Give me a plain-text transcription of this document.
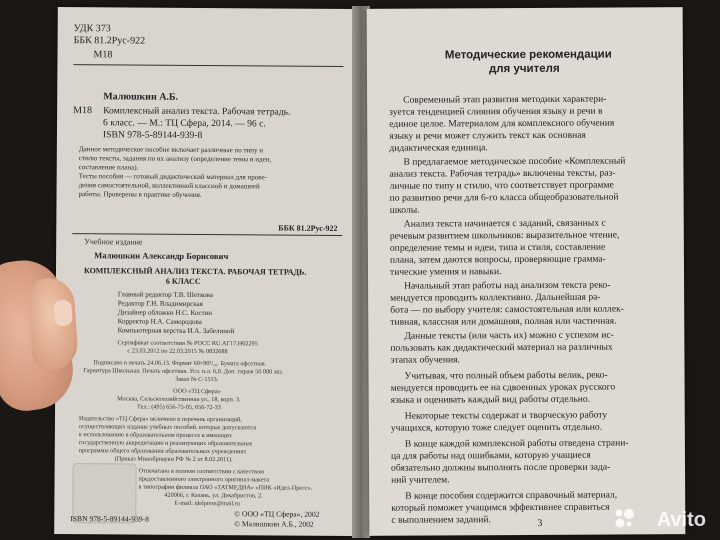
УДК 373
ББК 81.2Рус-922
М18
Малюшкин А.Б.
М18 Комплексный анализ текста. Рабочая тетрадь.
6 класс. — М.: ТЦ Сфера, 2014. — 96 с.
ISBN 978-5-89144-939-8
Данное методическое пособие включает различные по типу и
стилю тексты, задания по их анализу (определение темы и идеи,
составление плана).
Тесты пособия — готовый дидактический материал для прове-
дения самостоятельной, коллективной классной и домашней
работы. Проверены в практике обучения.
ББК 81.2Рус-922
Учебное издание
Малюшкин Александр Борисович
КОМПЛЕКСНЫЙ АНАЛИЗ ТЕКСТА. РАБОЧАЯ ТЕТРАДЬ.
6 КЛАСС
Главный редактор Т.В. Шеткова
Редактор Г.Н. Владимирская
Дизайнер обложки Н.С. Костин
Корректор Н.А. Самородова
Компьютерная верстка И.А. Забелиной
Сертификат соответствия № РОСС RU.АГ17.Н02295
с 23.03.2012 по 22.03.2015 № 0832688
Подписано в печать 24.06.13. Формат 60×90¹/₁₆. Бумага офсетная.
Гарнитура Школьная. Печать офсетная. Усл. п.л. 6,0. Доп. тираж 50 000 экз.
Заказ № С-1513.
ООО «ТЦ Сфера»
Москва, Сельскохозяйственная ул., 18, корп. 3.
Тел.: (495) 656-75-05, 656-72-33
Издательство «ТЦ Сфера» включено в перечень организаций,
осуществляющих издание учебных пособий, которые допускаются
к использованию в образовательном процессе в имеющих
государственную аккредитацию и реализующих образовательные
программы общего образования образовательных учреждениях
(Приказ Минобрнауки РФ № 2 от 8.02.2011).
Отпечатано в полном соответствии с качеством
предоставленного электронного оригинал-макета
в типографии филиала ОАО «ТАТМЕДИА» «ПИК «Идел-Пресс».
420066, г. Казань, ул. Декабристов, 2.
E-mail: idelpress@mail.ru
ISBN 978-5-89144-939-8
© ООО «ТЦ Сфера», 2002
© Малюшкин А.Б., 2002
Методические рекомендации
для учителя
Современный этап развития методики характери-
зуется тенденцией слияния обучения языку и речи в
единое целое. Материалом для комплексного обучения
языку и речи может служить текст как основная
дидактическая единица.
В предлагаемое методическое пособие «Комплексный
анализ текста. Рабочая тетрадь» включены тексты, раз-
личные по типу и стилю, что соответствует программе
по развитию речи для 6-го класса общеобразовательной
школы.
Анализ текста начинается с заданий, связанных с
речевым развитием школьников: выразительное чтение,
определение темы и идеи, типа и стиля, составление
плана, затем даются вопросы, проверяющие грамма-
тические умения и навыки.
Начальный этап работы над анализом текста реко-
мендуется проводить коллективно. Дальнейшая ра-
бота — по выбору учителя: самостоятельная или коллек-
тивная, классная или домашняя, полная или частичная.
Данные тексты (или часть их) можно с успехом ис-
пользовать как дидактический материал на различных
этапах обучения.
Учитывая, что полный объем работы велик, реко-
мендуется проводить ее на сдвоенных уроках русского
языка и оценивать каждый вид работы отдельно.
Некоторые тексты содержат и творческую работу
учащихся, которую тоже следует оценить отдельно.
В конце каждой комплексной работы отведена страни-
ца для работы над ошибками, которую учащиеся
обязательно должны выполнять после проверки зада-
ний учителем.
В конце пособия содержится справочный материал,
который поможет учащимся эффективнее справиться
с выполнением заданий.	3	Avito
